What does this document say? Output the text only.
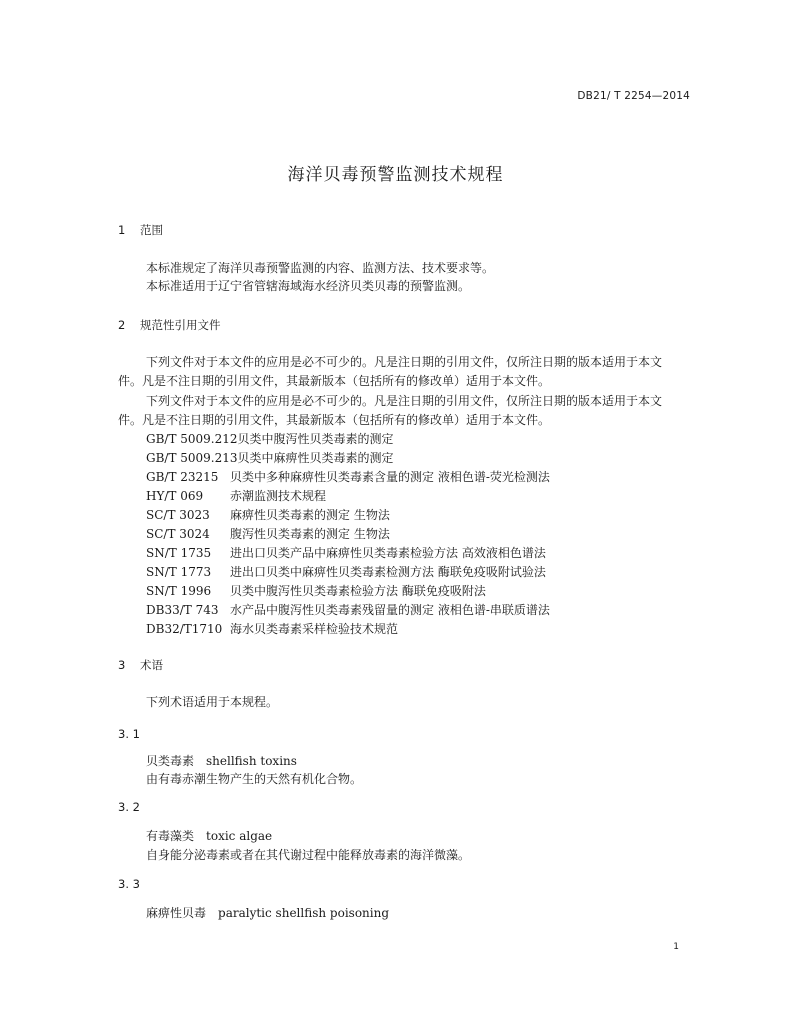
DB21/ T 2254—2014
海洋贝毒预警监测技术规程
1 范围
本标准规定了海洋贝毒预警监测的内容、监测方法、技术要求等。
本标准适用于辽宁省管辖海域海水经济贝类贝毒的预警监测。
2 规范性引用文件
下列文件对于本文件的应用是必不可少的。凡是注日期的引用文件，仅所注日期的版本适用于本文
件。凡是不注日期的引用文件，其最新版本（包括所有的修改单）适用于本文件。
下列文件对于本文件的应用是必不可少的。凡是注日期的引用文件，仅所注日期的版本适用于本文
件。凡是不注日期的引用文件，其最新版本（包括所有的修改单）适用于本文件。
GB/T 5009.212贝类中腹泻性贝类毒素的测定
GB/T 5009.213贝类中麻痹性贝类毒素的测定
GB/T 23215 贝类中多种麻痹性贝类毒素含量的测定 液相色谱-荧光检测法
HY/T 069 赤潮监测技术规程
SC/T 3023 麻痹性贝类毒素的测定 生物法
SC/T 3024 腹泻性贝类毒素的测定 生物法
SN/T 1735 进出口贝类产品中麻痹性贝类毒素检验方法 高效液相色谱法
SN/T 1773 进出口贝类中麻痹性贝类毒素检测方法 酶联免疫吸附试验法
SN/T 1996 贝类中腹泻性贝类毒素检验方法 酶联免疫吸附法
DB33/T 743 水产品中腹泻性贝类毒素残留量的测定 液相色谱-串联质谱法
DB32/T1710 海水贝类毒素采样检验技术规范
3 术语
下列术语适用于本规程。
3. 1
贝类毒素 shellfish toxins
由有毒赤潮生物产生的天然有机化合物。
3. 2
有毒藻类 toxic algae
自身能分泌毒素或者在其代谢过程中能释放毒素的海洋微藻。
3. 3
麻痹性贝毒 paralytic shellfish poisoning
1
